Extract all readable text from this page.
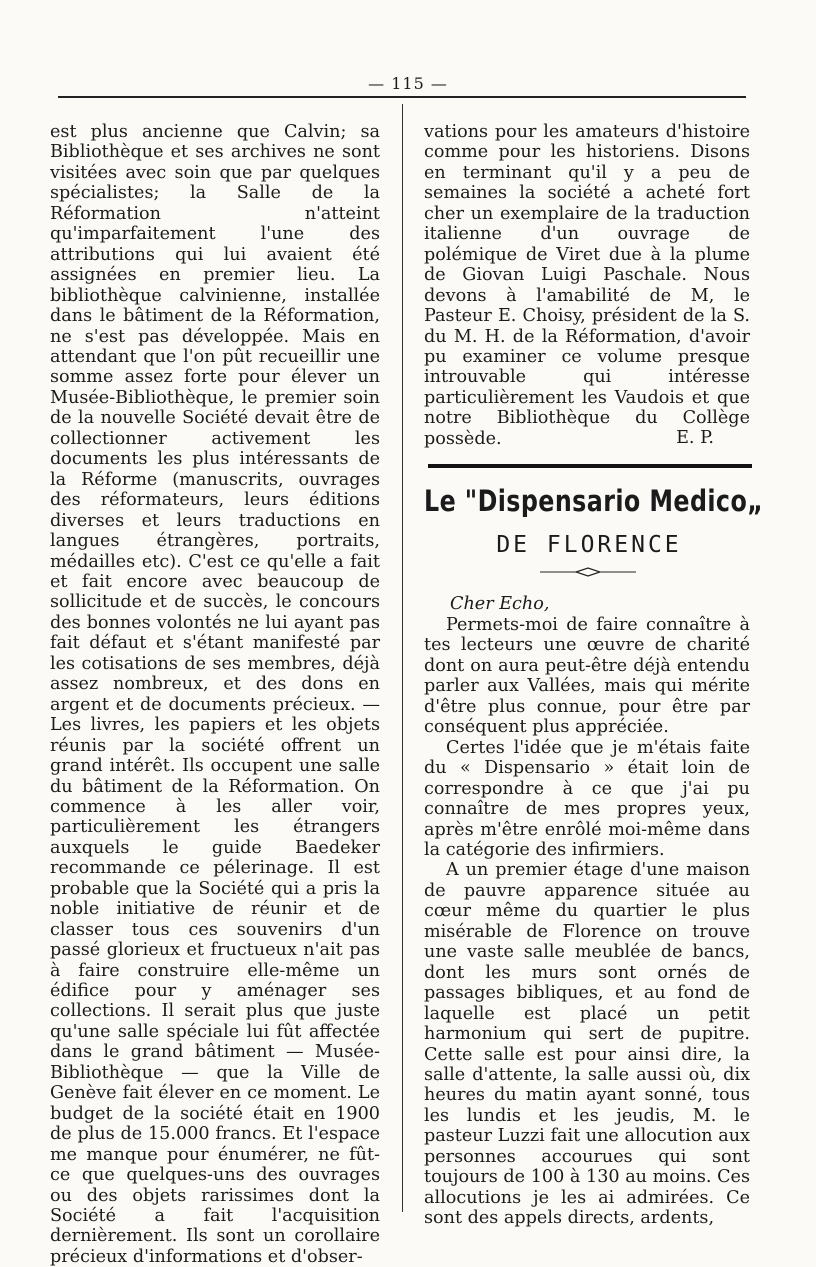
— 115 —

est plus ancienne que Calvin; sa Bibliothèque et ses archives ne sont visitées avec soin que par quelques spécialistes; la Salle de la Réformation n'atteint qu'imparfaitement l'une des attributions qui lui avaient été assignées en premier lieu. La bibliothèque calvinienne, installée dans le bâtiment de la Réformation, ne s'est pas développée. Mais en attendant que l'on pût recueillir une somme assez forte pour élever un Musée-Bibliothèque, le premier soin de la nouvelle Société devait être de collectionner activement les documents les plus intéressants de la Réforme (manuscrits, ouvrages des réformateurs, leurs éditions diverses et leurs traductions en langues étrangères, portraits, médailles etc). C'est ce qu'elle a fait et fait encore avec beaucoup de sollicitude et de succès, le concours des bonnes volontés ne lui ayant pas fait défaut et s'étant manifesté par les cotisations de ses membres, déjà assez nombreux, et des dons en argent et de documents précieux. — Les livres, les papiers et les objets réunis par la société offrent un grand intérêt. Ils occupent une salle du bâtiment de la Réformation. On commence à les aller voir, particulièrement les étrangers auxquels le guide Baedeker recommande ce pélerinage. Il est probable que la Société qui a pris la noble initiative de réunir et de classer tous ces souvenirs d'un passé glorieux et fructueux n'ait pas à faire construire elle-même un édifice pour y aménager ses collections. Il serait plus que juste qu'une salle spéciale lui fût affectée dans le grand bâtiment — Musée-Bibliothèque — que la Ville de Genève fait élever en ce moment. Le budget de la société était en 1900 de plus de 15.000 francs. Et l'espace me manque pour énumérer, ne fût-ce que quelques-uns des ouvrages ou des objets rarissimes dont la Société a fait l'acquisition dernièrement. Ils sont un corollaire précieux d'informations et d'obser-

vations pour les amateurs d'histoire comme pour les historiens. Disons en terminant qu'il y a peu de semaines la société a acheté fort cher un exemplaire de la traduction italienne d'un ouvrage de polémique de Viret due à la plume de Giovan Luigi Paschale. Nous devons à l'amabilité de M, le Pasteur E. Choisy, président de la S. du M. H. de la Réformation, d'avoir pu examiner ce volume presque introuvable qui intéresse particulièrement les Vaudois et que notre Bibliothèque du Collège possède.	E. P.
Le "Dispensario Medico„
DE FLORENCE
Cher Echo,

Permets-moi de faire connaître à tes lecteurs une œuvre de charité dont on aura peut-être déjà entendu parler aux Vallées, mais qui mérite d'être plus connue, pour être par conséquent plus appréciée.

Certes l'idée que je m'étais faite du « Dispensario » était loin de correspondre à ce que j'ai pu connaître de mes propres yeux, après m'être enrôlé moi-même dans la catégorie des infirmiers.

A un premier étage d'une maison de pauvre apparence située au cœur même du quartier le plus misérable de Florence on trouve une vaste salle meublée de bancs, dont les murs sont ornés de passages bibliques, et au fond de laquelle est placé un petit harmonium qui sert de pupitre. Cette salle est pour ainsi dire, la salle d'attente, la salle aussi où, dix heures du matin ayant sonné, tous les lundis et les jeudis, M. le pasteur Luzzi fait une allocution aux personnes accourues qui sont toujours de 100 à 130 au moins. Ces allocutions je les ai admirées. Ce sont des appels directs, ardents,
